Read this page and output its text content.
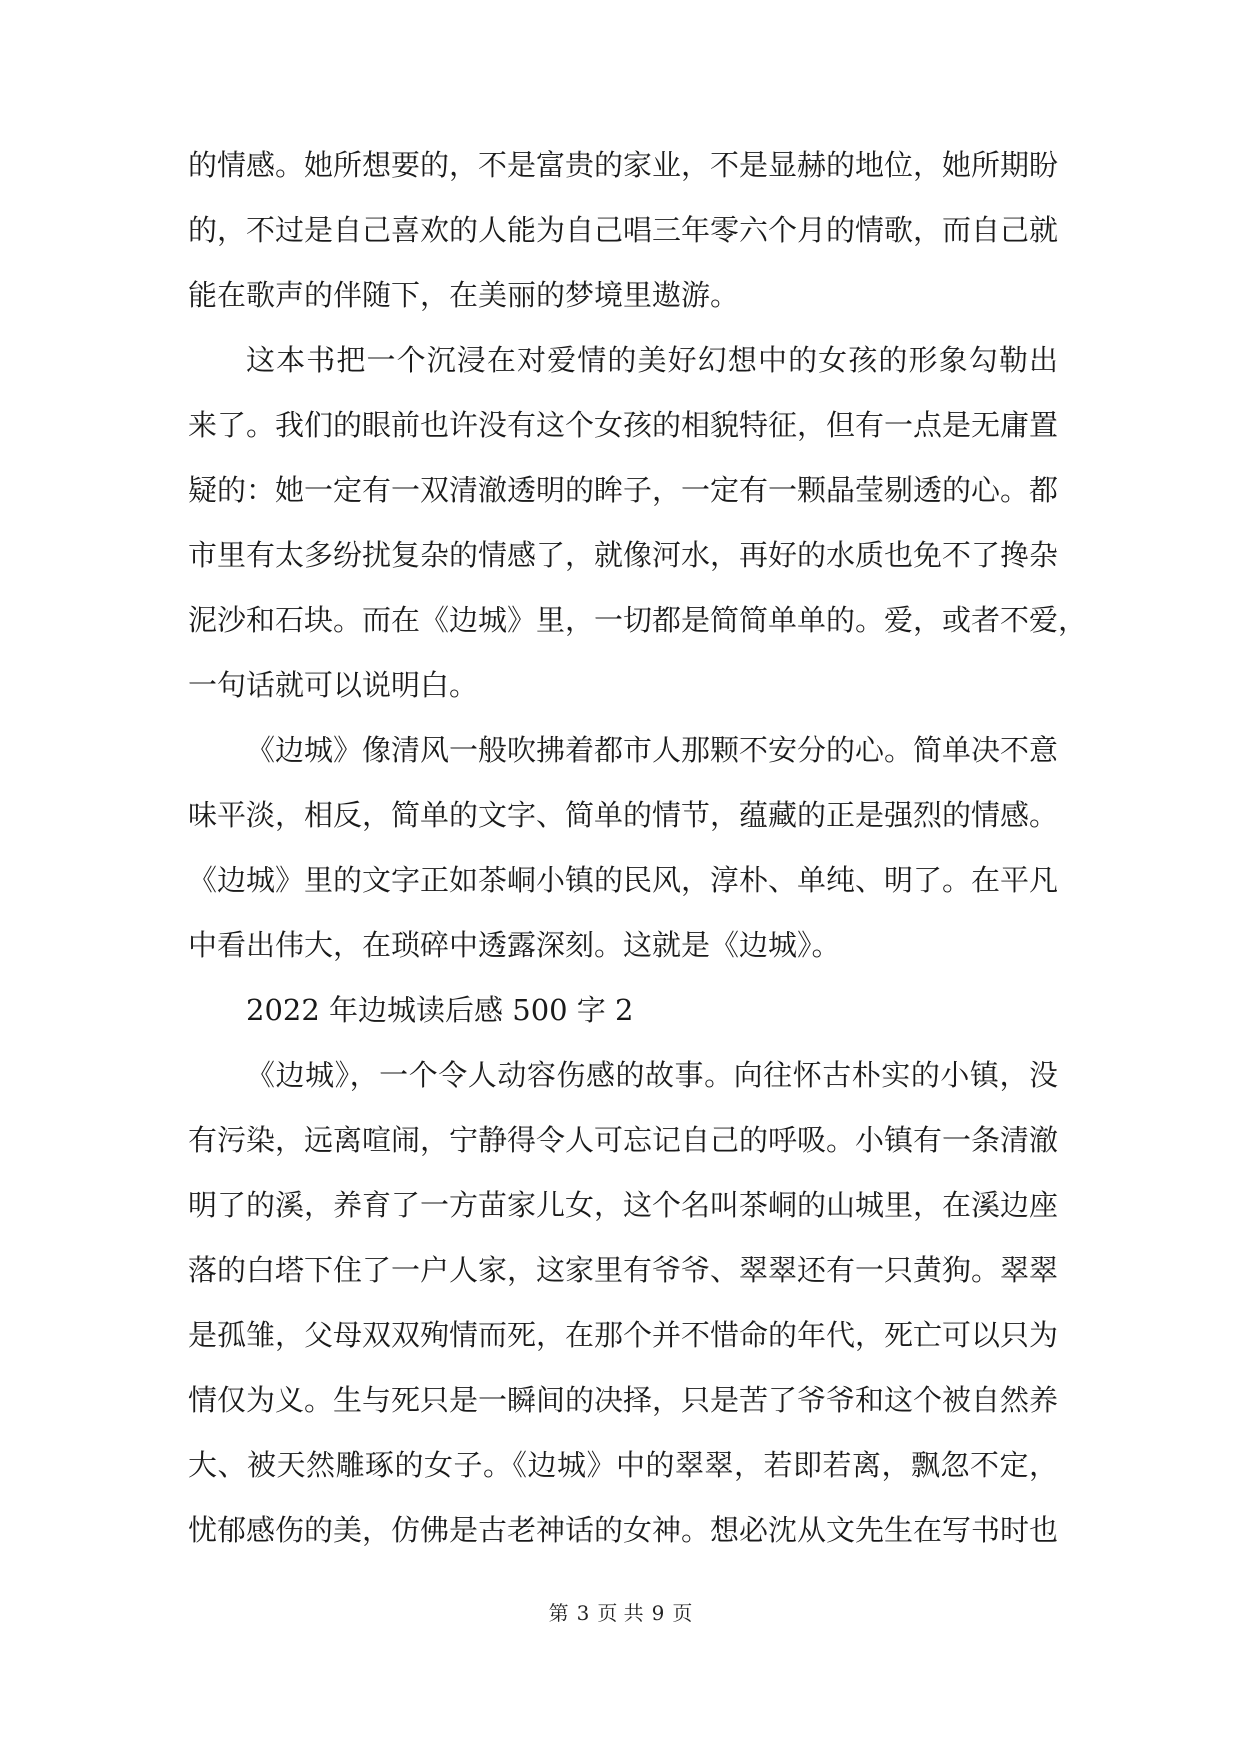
的情感。她所想要的，不是富贵的家业，不是显赫的地位，她所期盼
的，不过是自己喜欢的人能为自己唱三年零六个月的情歌，而自己就
能在歌声的伴随下，在美丽的梦境里遨游。
这本书把一个沉浸在对爱情的美好幻想中的女孩的形象勾勒出
来了。我们的眼前也许没有这个女孩的相貌特征，但有一点是无庸置
疑的：她一定有一双清澈透明的眸子，一定有一颗晶莹剔透的心。都
市里有太多纷扰复杂的情感了，就像河水，再好的水质也免不了搀杂
泥沙和石块。而在《边城》里，一切都是简简单单的。爱，或者不爱，
一句话就可以说明白。
《边城》像清风一般吹拂着都市人那颗不安分的心。简单决不意
味平淡，相反，简单的文字、简单的情节，蕴藏的正是强烈的情感。
《边城》里的文字正如茶峒小镇的民风，淳朴、单纯、明了。在平凡
中看出伟大，在琐碎中透露深刻。这就是《边城》。
2022 年边城读后感 500 字 2
《边城》，一个令人动容伤感的故事。向往怀古朴实的小镇，没
有污染，远离喧闹，宁静得令人可忘记自己的呼吸。小镇有一条清澈
明了的溪，养育了一方苗家儿女，这个名叫茶峒的山城里，在溪边座
落的白塔下住了一户人家，这家里有爷爷、翠翠还有一只黄狗。翠翠
是孤雏，父母双双殉情而死，在那个并不惜命的年代，死亡可以只为
情仅为义。生与死只是一瞬间的决择，只是苦了爷爷和这个被自然养
大、被天然雕琢的女子。《边城》中的翠翠，若即若离，飘忽不定，
忧郁感伤的美，仿佛是古老神话的女神。想必沈从文先生在写书时也
第 3 页 共 9 页
